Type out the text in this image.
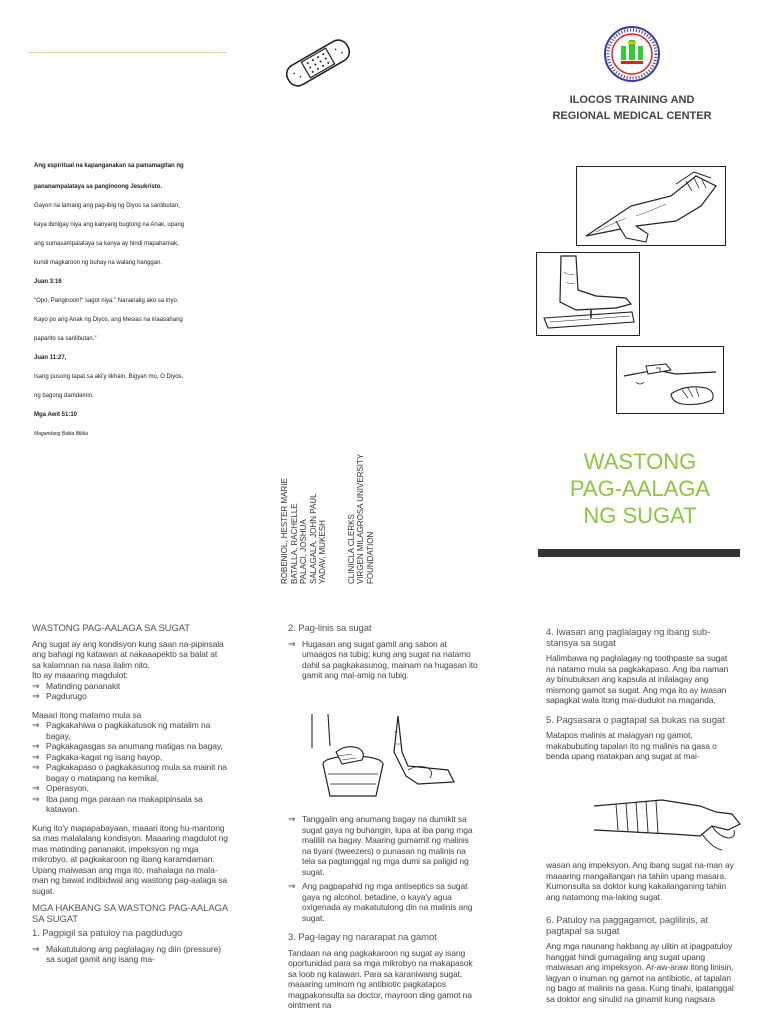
Ang espiritual na kapanganakan sa pamamagitan ng

pananampalataya sa panginoong Jesukristo.

Gayon na lamang ang pag-ibig ng Diyos sa sanlibutan,

kaya ibinigay niya ang kanyang bugtong na Anak, upang

ang sumasampalataya sa kanya ay hindi mapahamak,

kundi magkaroon ng buhay na walang hanggan.

Juan 3:16

"Opo, Panginoon!" sagot niya." Nananalig ako sa inyo.

Kayo po ang Anak ng Diyos, ang Mesias na inaasahang

paparito sa sanlibutan."

Juan 11:27,

Isang pusong tapat sa aki'y likhain, Bigyan mo, O Diyos,

ng bagong damdamin.

Mga Awit 51:10

Magandang Balita Biblia

ROBENIOL, HESTER MARIE BATALLA, RACHELLE PALACI, JOSHUA SALAGALA, JOHN PAUL YADAV, MUKESH CLINICLA CLERKS VIRGEN MILAGROSA UNIVERSITY FOUNDATION
ILOCOS TRAINING AND
REGIONAL MEDICAL CENTER
WASTONG
PAG-AALAGA
NG SUGAT
WASTONG PAG-AALAGA SA SUGAT

Ang sugat ay ang kondisyon kung saan na-pipinsala ang bahagi ng katawan at nakaaapekto sa balat at sa kalamnan na nasa ilalim nito.

Ito ay maaaring magdulot:

⇒ Matinding pananakit
⇒ Pagdurugo

Maaari itong matamo mula sa

⇒ Pagkakahiwa o pagkakatusok ng matalim na bagay,
⇒ Pagkakagasgas sa anumang matigas na bagay,
⇒ Pagkaka-kagat ng isang hayop,
⇒ Pagkakapaso o pagkakasunog mula sa mainit na bagay o matapang na kemikal,
⇒ Operasyon,
⇒ Iba pang mga paraan na makapipinsala sa katawan.

Kung ito'y mapapabayaan, maaari itong hu-mantong sa mas malalalang kondisyon. Maaaring magdulot ng mas matinding pananakit, impeksyon ng mga mikrobyo, at pagkakaroon ng ibang karamdaman. Upang maiwasan ang mga ito, mahalaga na mala-man ng bawat indibidwal ang wastong pag-aalaga sa sugat.

MGA HAKBANG SA WASTONG PAG-AALAGA SA SUGAT
1. Pagpigil sa patuloy na pagdudugo
⇒ Makatutulong ang paglalagay ng diin (pressure) sa sugat gamit ang isang ma-
2. Pag-linis sa sugat
⇒ Hugasan ang sugat gamit ang sabon at umaagos na tubig; kung ang sugat na natamo dahil sa pagkakasunog, mainam na hugasan ito gamit ang mal-amig na tubig.
⇒ Tanggalin ang anumang bagay na dumikit sa sugat gaya ng buhangin, lupa at iba pang mga maliliit na bagay. Maaring gumamit ng malinis na tiyani (tweezers) o punasan ng malinis na tela sa pagtanggal ng mga dumi sa paligid ng sugat.
⇒ Ang pagpapahid ng mga antiseptics sa sugat gaya ng alcohol, betadine, o kaya'y agua oxigenada ay makatutulong din na malinis ang sugat.
3. Pag-lagay ng nararapat na gamot

Tandaan na ang pagkakaroon ng sugat ay isang oportunidad para sa mga mikrobyo na makapasok sa loob ng katawan. Para sa karaniwang sugat, maaaring uminom ng antibiotic pagkatapos magpakonsulta sa doctor, mayroon ding gamot na ointment na

4. Iwasan ang paglalagay ng ibang sub-stansya sa sugat

Halimbawa ng paglalagay ng toothpaste sa sugat na natamo mula sa pagkakapaso. Ang iba naman ay binubuksan ang kapsula at inilalagay ang mismong gamot sa sugat. Ang mga ito ay iwasan sapagkat wala itong mai-dudulot na maganda.

5. Pagsasara o pagtapal sa bukas na sugat

Matapos malinis at malagyan ng gamot, makabubuting tapalan ito ng malinis na gasa o benda upang matakpan ang sugat at mai-

wasan ang impeksyon. Ang ibang sugat na-man ay maaaring mangailangan na tahiin upang masara. Kumonsulta sa doktor kung kakailanganing tahiin ang natamong ma-laking sugat.

6. Patuloy na paggagamot, paglilinis, at pagtapal sa sugat

Ang mga naunang hakbang ay ulitin at ipagpatuloy hanggat hindi gumagaling ang sugat upang maiwasan ang impeksyon. Ar-aw-araw itong linisin, lagyan o inuman ng gamot na antibiotic, at tapalan ng bago at malinis na gasa. Kung tinahi, ipatanggal sa doktor ang sinulid na ginamit kung nagsara
